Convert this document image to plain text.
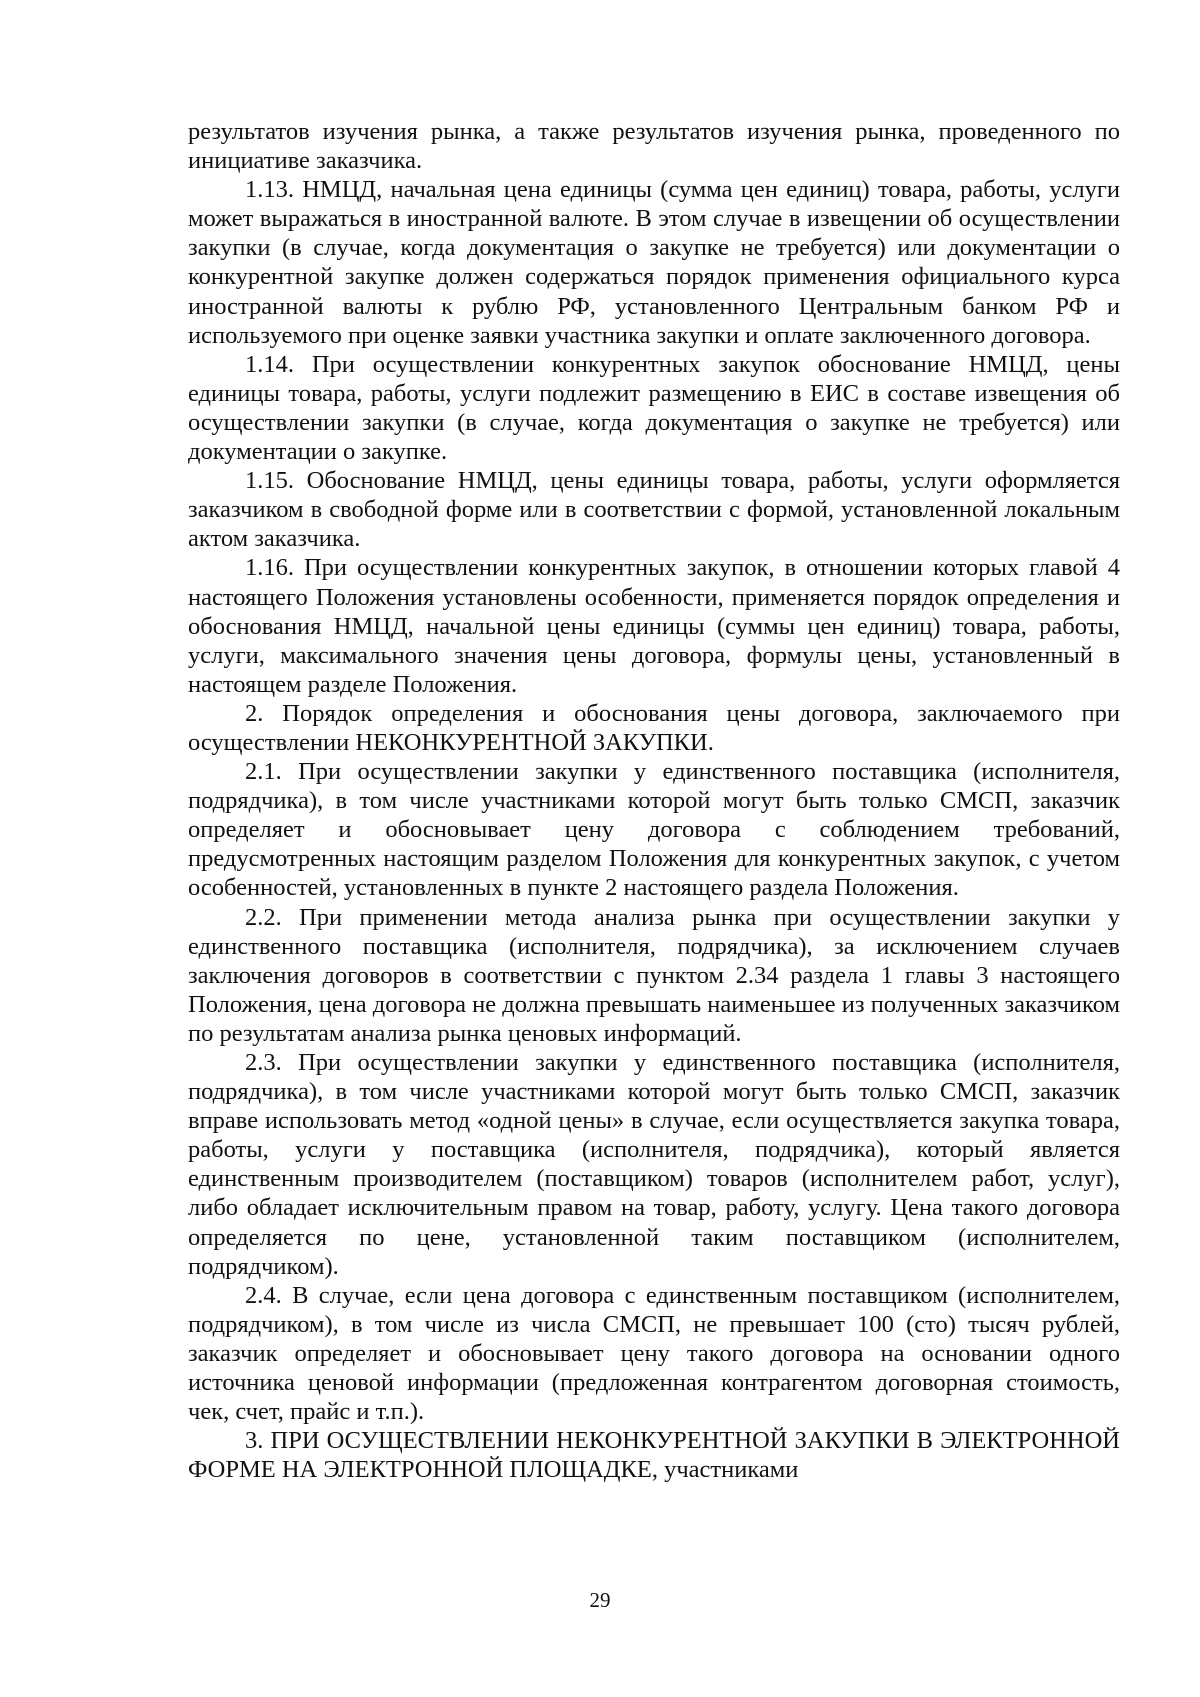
результатов изучения рынка, а также результатов изучения рынка, проведенного по инициативе заказчика.

1.13. НМЦД, начальная цена единицы (сумма цен единиц) товара, работы, услуги может выражаться в иностранной валюте. В этом случае в извещении об осуществлении закупки (в случае, когда документация о закупке не требуется) или документации о конкурентной закупке должен содержаться порядок применения официального курса иностранной валюты к рублю РФ, установленного Центральным банком РФ и используемого при оценке заявки участника закупки и оплате заключенного договора.

1.14. При осуществлении конкурентных закупок обоснование НМЦД, цены единицы товара, работы, услуги подлежит размещению в ЕИС в составе извещения об осуществлении закупки (в случае, когда документация о закупке не требуется) или документации о закупке.

1.15. Обоснование НМЦД, цены единицы товара, работы, услуги оформляется заказчиком в свободной форме или в соответствии с формой, установленной локальным актом заказчика.

1.16. При осуществлении конкурентных закупок, в отношении которых главой 4 настоящего Положения установлены особенности, применяется порядок определения и обоснования НМЦД, начальной цены единицы (суммы цен единиц) товара, работы, услуги, максимального значения цены договора, формулы цены, установленный в настоящем разделе Положения.

2. Порядок определения и обоснования цены договора, заключаемого при осуществлении НЕКОНКУРЕНТНОЙ ЗАКУПКИ.

2.1. При осуществлении закупки у единственного поставщика (исполнителя, подрядчика), в том числе участниками которой могут быть только СМСП, заказчик определяет и обосновывает цену договора с соблюдением требований, предусмотренных настоящим разделом Положения для конкурентных закупок, с учетом особенностей, установленных в пункте 2 настоящего раздела Положения.

2.2. При применении метода анализа рынка при осуществлении закупки у единственного поставщика (исполнителя, подрядчика), за исключением случаев заключения договоров в соответствии с пунктом 2.34 раздела 1 главы 3 настоящего Положения, цена договора не должна превышать наименьшее из полученных заказчиком по результатам анализа рынка ценовых информаций.

2.3. При осуществлении закупки у единственного поставщика (исполнителя, подрядчика), в том числе участниками которой могут быть только СМСП, заказчик вправе использовать метод «одной цены» в случае, если осуществляется закупка товара, работы, услуги у поставщика (исполнителя, подрядчика), который является единственным производителем (поставщиком) товаров (исполнителем работ, услуг), либо обладает исключительным правом на товар, работу, услугу. Цена такого договора определяется по цене, установленной таким поставщиком (исполнителем, подрядчиком).

2.4. В случае, если цена договора с единственным поставщиком (исполнителем, подрядчиком), в том числе из числа СМСП, не превышает 100 (сто) тысяч рублей, заказчик определяет и обосновывает цену такого договора на основании одного источника ценовой информации (предложенная контрагентом договорная стоимость, чек, счет, прайс и т.п.).

3. ПРИ ОСУЩЕСТВЛЕНИИ НЕКОНКУРЕНТНОЙ ЗАКУПКИ В ЭЛЕКТРОННОЙ ФОРМЕ НА ЭЛЕКТРОННОЙ ПЛОЩАДКЕ, участниками

29
